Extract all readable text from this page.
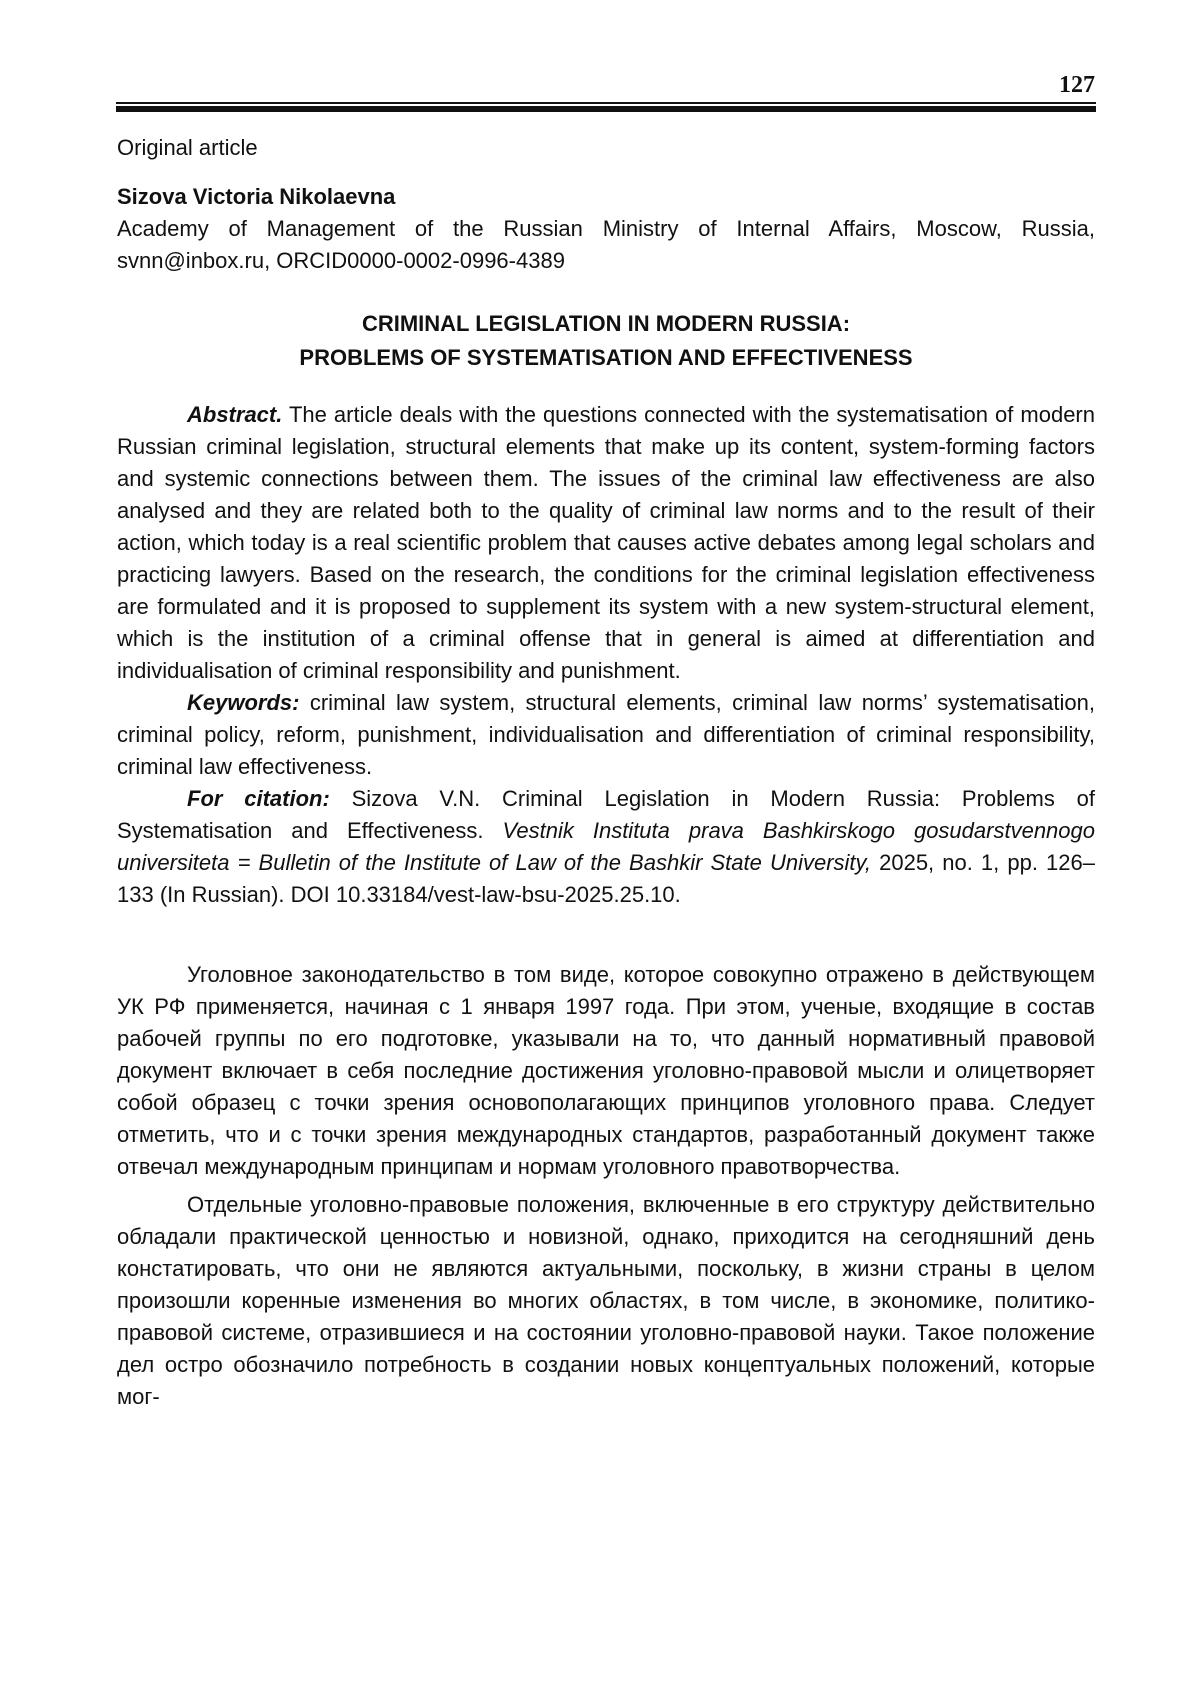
127

Original article

Sizova Victoria Nikolaevna

Academy of Management of the Russian Ministry of Internal Affairs, Moscow, Russia, svnn@inbox.ru, ORCID0000-0002-0996-4389

CRIMINAL LEGISLATION IN MODERN RUSSIA:
PROBLEMS OF SYSTEMATISATION AND EFFECTIVENESS

Abstract. The article deals with the questions connected with the systematisation of modern Russian criminal legislation, structural elements that make up its content, system-forming factors and systemic connections between them. The issues of the criminal law effectiveness are also analysed and they are related both to the quality of criminal law norms and to the result of their action, which today is a real scientific problem that causes active debates among legal scholars and practicing lawyers. Based on the research, the conditions for the criminal legislation effectiveness are formulated and it is proposed to supplement its system with a new system-structural element, which is the institution of a criminal offense that in general is aimed at differentiation and individualisation of criminal responsibility and punishment.

Keywords: criminal law system, structural elements, criminal law norms’ systematisation, criminal policy, reform, punishment, individualisation and differentiation of criminal responsibility, criminal law effectiveness.

For citation: Sizova V.N. Criminal Legislation in Modern Russia: Problems of Systematisation and Effectiveness. Vestnik Instituta prava Bashkirskogo gosudarstvennogo universiteta = Bulletin of the Institute of Law of the Bashkir State University, 2025, no. 1, pp. 126–133 (In Russian). DOI 10.33184/vest-law-bsu-2025.25.10.

Уголовное законодательство в том виде, которое совокупно отражено в действующем УК РФ применяется, начиная с 1 января 1997 года. При этом, ученые, входящие в состав рабочей группы по его подготовке, указывали на то, что данный нормативный правовой документ включает в себя последние достижения уголовно-правовой мысли и олицетворяет собой образец с точки зрения основополагающих принципов уголовного права. Следует отметить, что и с точки зрения международных стандартов, разработанный документ также отвечал международным принципам и нормам уголовного правотворчества.

Отдельные уголовно-правовые положения, включенные в его структуру действительно обладали практической ценностью и новизной, однако, приходится на сегодняшний день констатировать, что они не являются актуальными, поскольку, в жизни страны в целом произошли коренные изменения во многих областях, в том числе, в экономике, политико-правовой системе, отразившиеся и на состоянии уголовно-правовой науки. Такое положение дел остро обозначило потребность в создании новых концептуальных положений, которые мог-
